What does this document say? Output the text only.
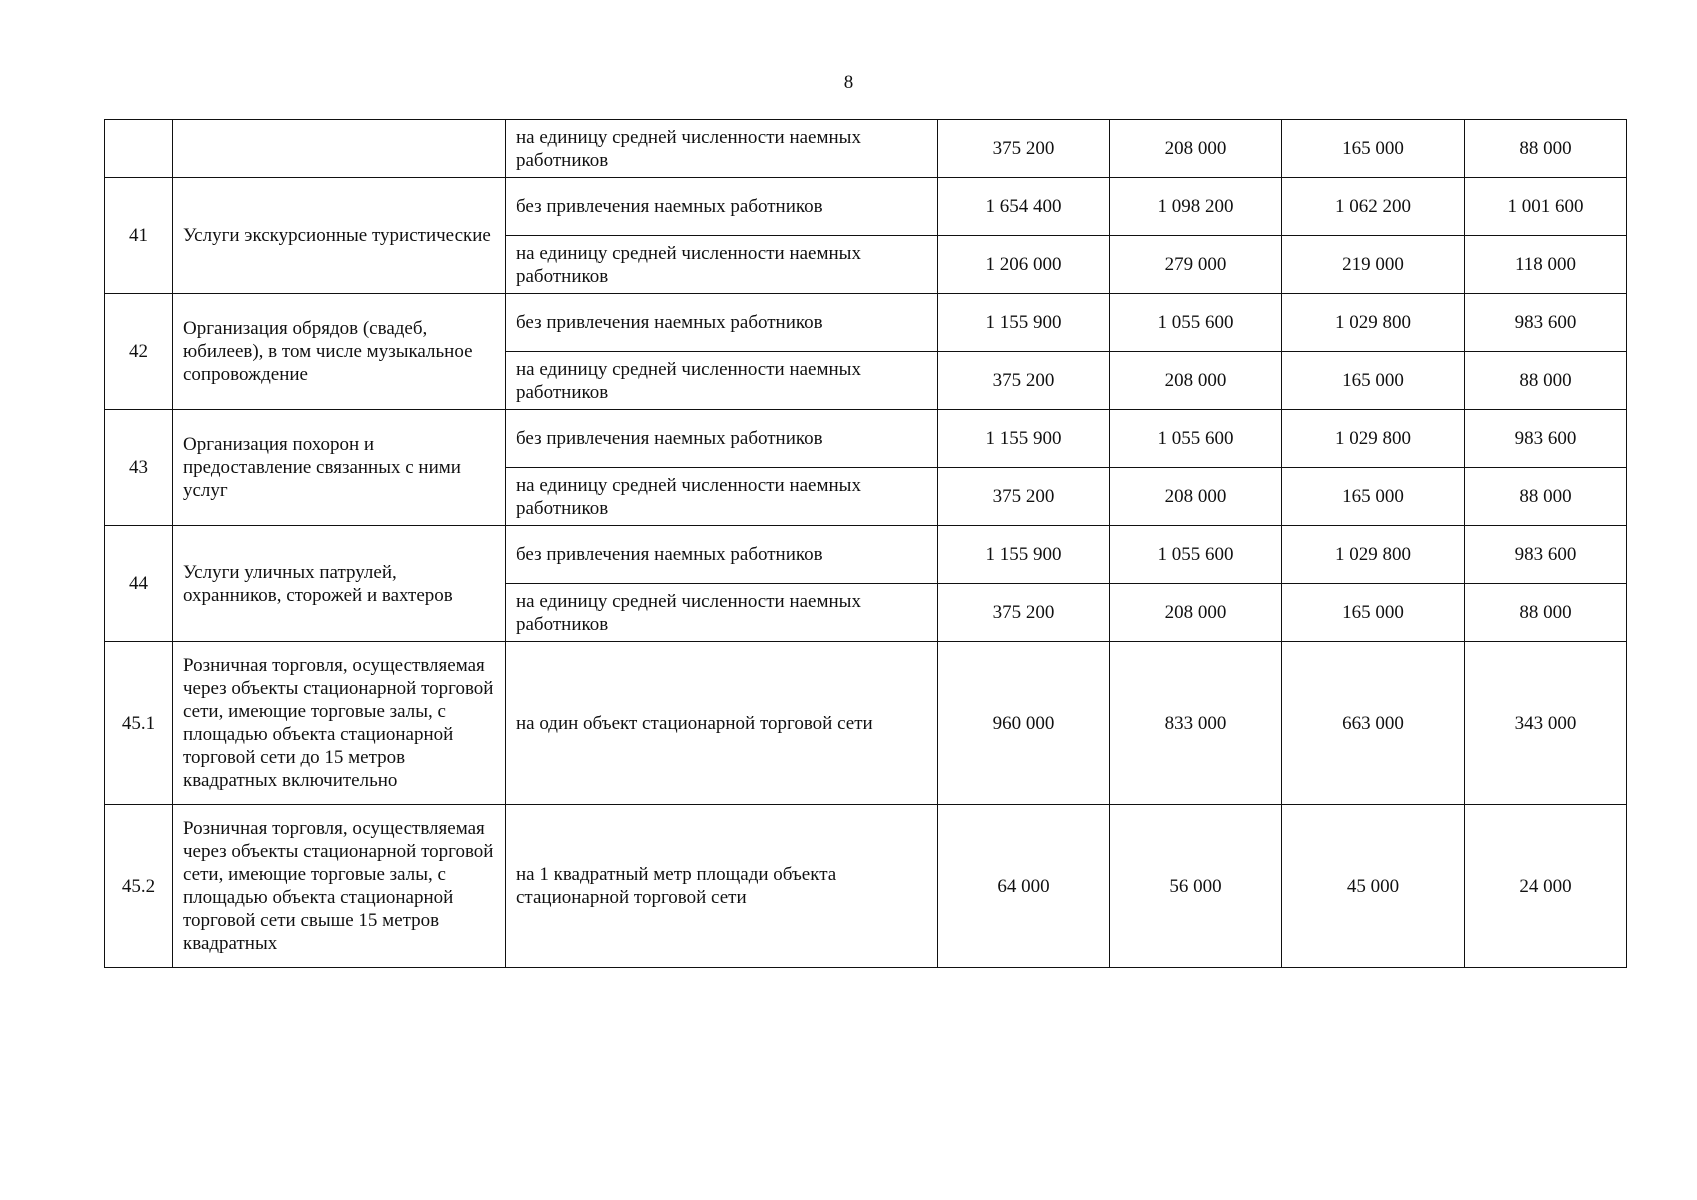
8
		на единицу средней численности наемных работников	375 200	208 000	165 000	88 000
41	Услуги экскурсионные туристические	без привлечения наемных работников	1 654 400	1 098 200	1 062 200	1 001 600
		на единицу средней численности наемных работников	1 206 000	279 000	219 000	118 000
42	Организация обрядов (свадеб, юбилеев), в том числе музыкальное сопровождение	без привлечения наемных работников	1 155 900	1 055 600	1 029 800	983 600
		на единицу средней численности наемных работников	375 200	208 000	165 000	88 000
43	Организация похорон и предоставление связанных с ними услуг	без привлечения наемных работников	1 155 900	1 055 600	1 029 800	983 600
		на единицу средней численности наемных работников	375 200	208 000	165 000	88 000
44	Услуги уличных патрулей, охранников, сторожей и вахтеров	без привлечения наемных работников	1 155 900	1 055 600	1 029 800	983 600
		на единицу средней численности наемных работников	375 200	208 000	165 000	88 000
45.1	Розничная торговля, осуществляемая через объекты стационарной торговой сети, имеющие торговые залы, с площадью объекта стационарной торговой сети до 15 метров квадратных включительно	на один объект стационарной торговой сети	960 000	833 000	663 000	343 000
45.2	Розничная торговля, осуществляемая через объекты стационарной торговой сети, имеющие торговые залы, с площадью объекта стационарной торговой сети свыше 15 метров квадратных	на 1 квадратный метр площади объекта стационарной торговой сети	64 000	56 000	45 000	24 000
